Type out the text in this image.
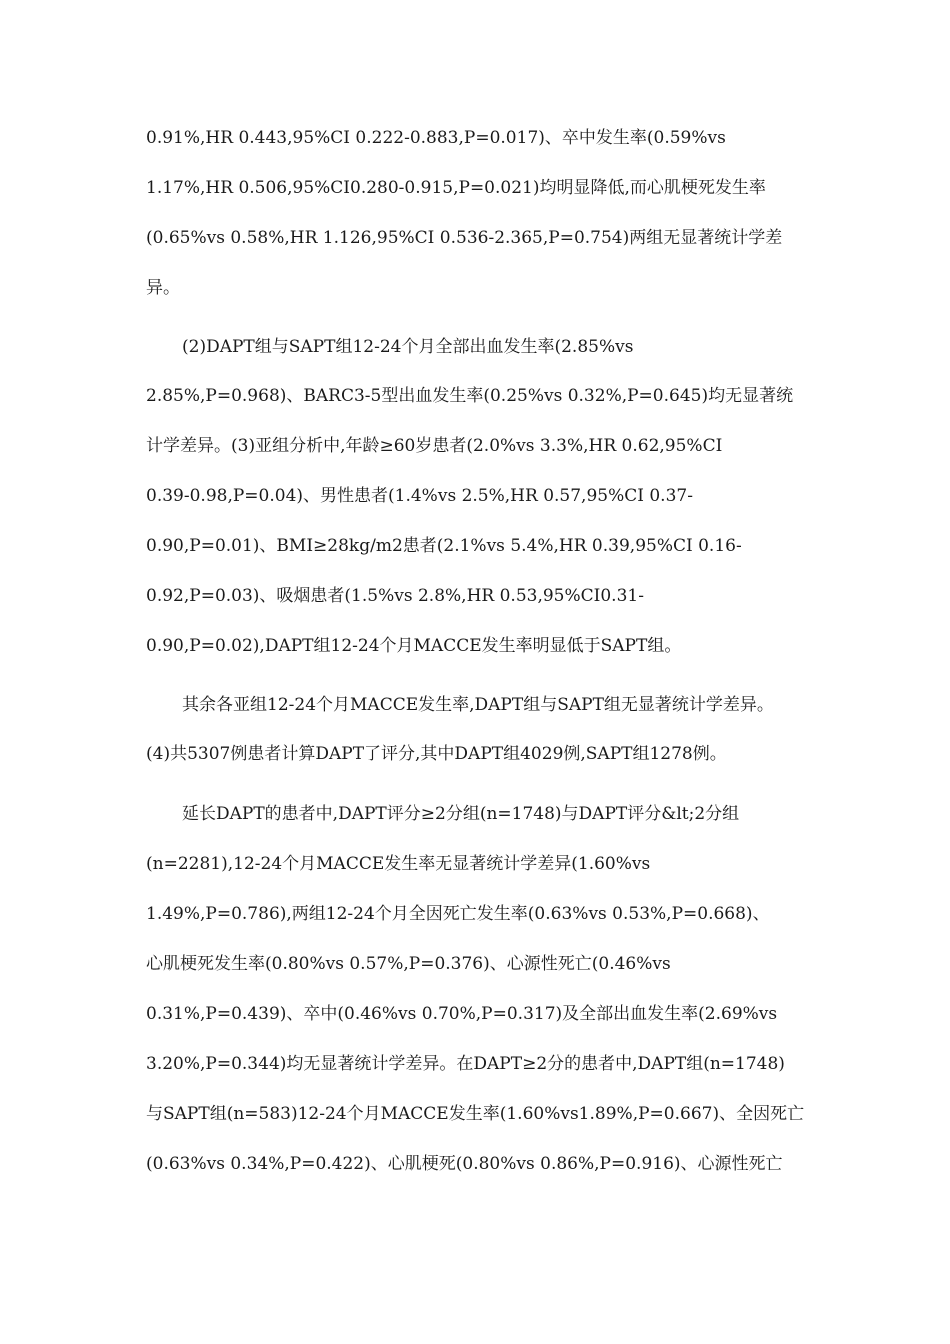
0.91%,HR 0.443,95%CI 0.222-0.883,P=0.017)、卒中发生率(0.59%vs
1.17%,HR 0.506,95%CI0.280-0.915,P=0.021)均明显降低,而心肌梗死发生率
(0.65%vs 0.58%,HR 1.126,95%CI 0.536-2.365,P=0.754)两组无显著统计学差
异。
(2)DAPT组与SAPT组12-24个月全部出血发生率(2.85%vs
2.85%,P=0.968)、BARC3-5型出血发生率(0.25%vs 0.32%,P=0.645)均无显著统
计学差异。(3)亚组分析中,年龄≥60岁患者(2.0%vs 3.3%,HR 0.62,95%CI
0.39-0.98,P=0.04)、男性患者(1.4%vs 2.5%,HR 0.57,95%CI 0.37-
0.90,P=0.01)、BMI≥28kg/m2患者(2.1%vs 5.4%,HR 0.39,95%CI 0.16-
0.92,P=0.03)、吸烟患者(1.5%vs 2.8%,HR 0.53,95%CI0.31-
0.90,P=0.02),DAPT组12-24个月MACCE发生率明显低于SAPT组。
其余各亚组12-24个月MACCE发生率,DAPT组与SAPT组无显著统计学差异。
(4)共5307例患者计算DAPT了评分,其中DAPT组4029例,SAPT组1278例。
延长DAPT的患者中,DAPT评分≥2分组(n=1748)与DAPT评分&lt;2分组
(n=2281),12-24个月MACCE发生率无显著统计学差异(1.60%vs
1.49%,P=0.786),两组12-24个月全因死亡发生率(0.63%vs 0.53%,P=0.668)、
心肌梗死发生率(0.80%vs 0.57%,P=0.376)、心源性死亡(0.46%vs
0.31%,P=0.439)、卒中(0.46%vs 0.70%,P=0.317)及全部出血发生率(2.69%vs
3.20%,P=0.344)均无显著统计学差异。在DAPT≥2分的患者中,DAPT组(n=1748)
与SAPT组(n=583)12-24个月MACCE发生率(1.60%vs1.89%,P=0.667)、全因死亡
(0.63%vs 0.34%,P=0.422)、心肌梗死(0.80%vs 0.86%,P=0.916)、心源性死亡
